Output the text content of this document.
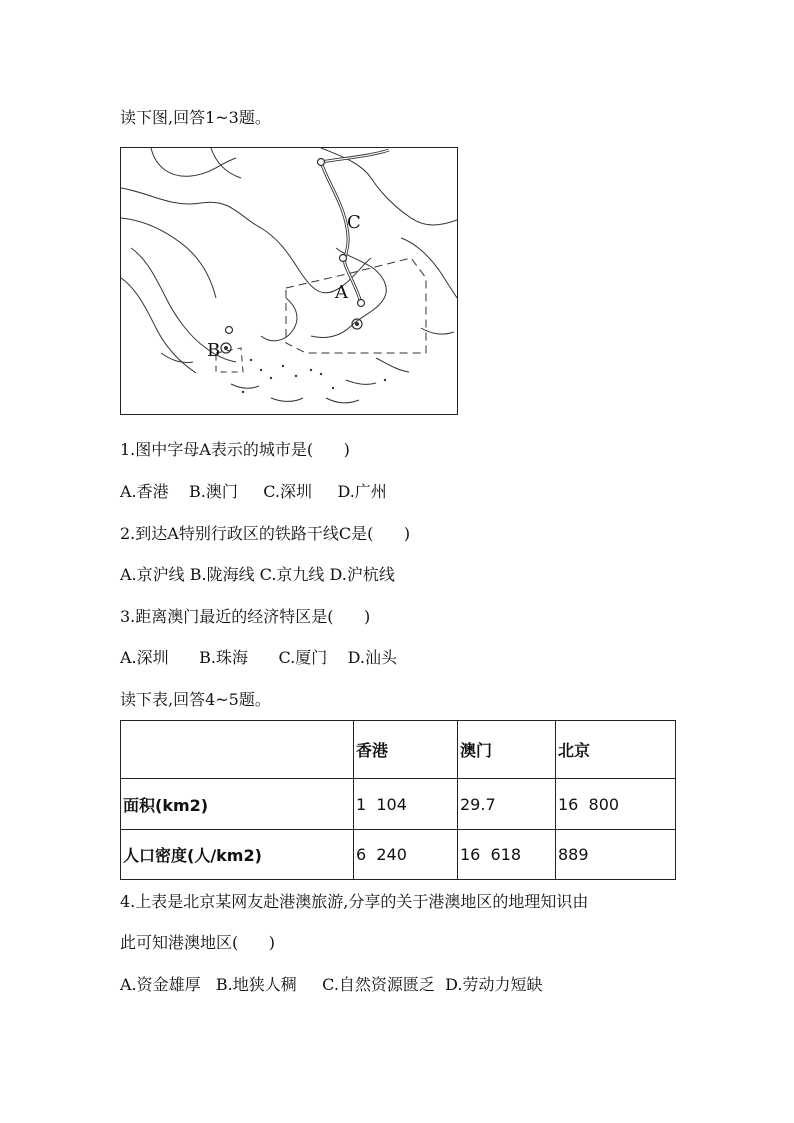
读下图,回答1~3题。
C
A
B
1.图中字母A表示的城市是(      )
A.香港    B.澳门     C.深圳     D.广州
2.到达A特别行政区的铁路干线C是(      )
A.京沪线 B.陇海线 C.京九线 D.沪杭线
3.距离澳门最近的经济特区是(      )
A.深圳      B.珠海      C.厦门    D.汕头
读下表,回答4~5题。
	香港	澳门	北京
面积(km2)	1  104	29.7	16  800
人口密度(人/km2)	6  240	16  618	889
4.上表是北京某网友赴港澳旅游,分享的关于港澳地区的地理知识由
此可知港澳地区(      )
A.资金雄厚   B.地狭人稠     C.自然资源匮乏  D.劳动力短缺
